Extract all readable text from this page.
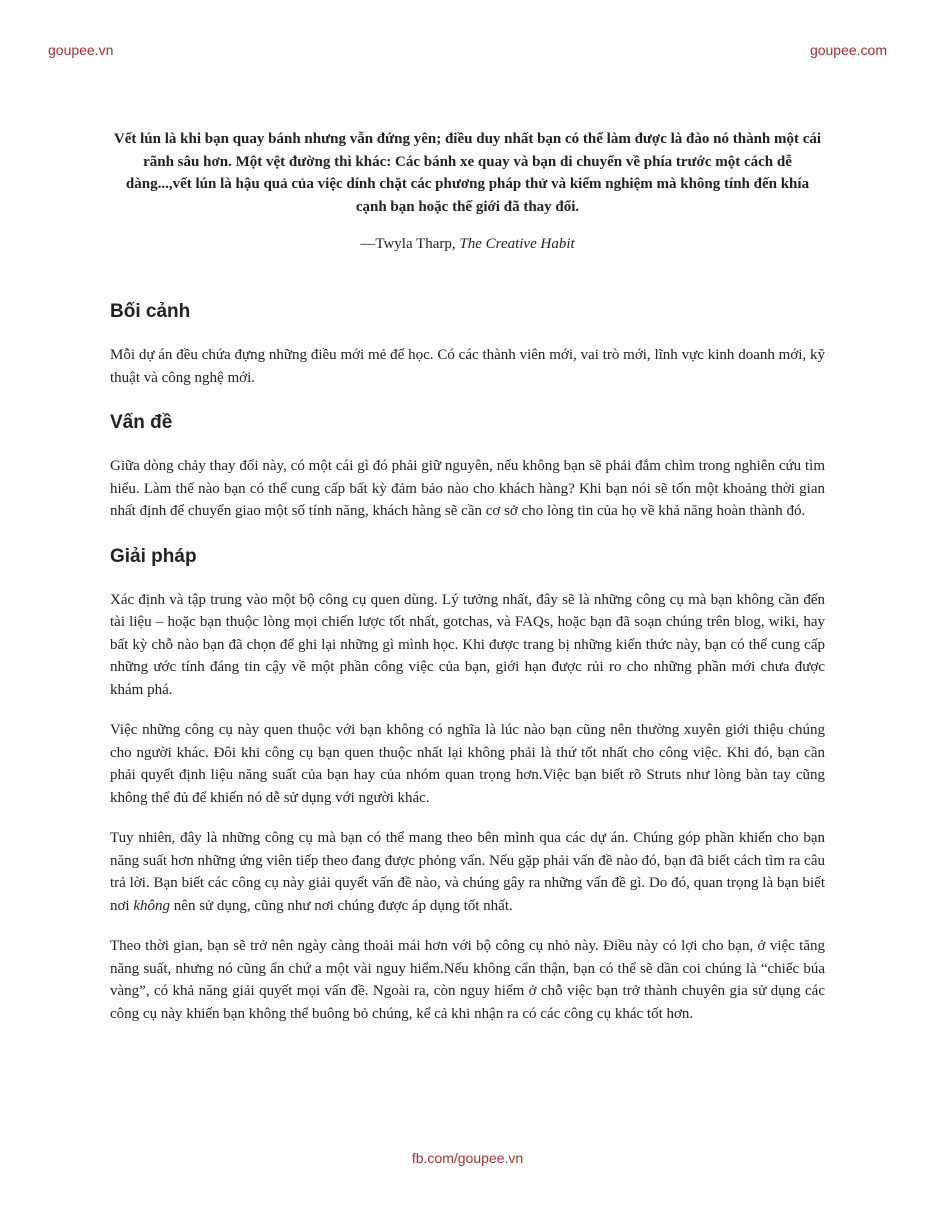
goupee.vn	goupee.com

Vết lún là khi bạn quay bánh nhưng vẫn đứng yên; điều duy nhất bạn có thể làm được là đào nó thành một cái rãnh sâu hơn. Một vệt đường thì khác: Các bánh xe quay và bạn di chuyển về phía trước một cách dễ dàng...,vết lún là hậu quả của việc dính chặt các phương pháp thử và kiểm nghiệm mà không tính đến khía cạnh bạn hoặc thế giới đã thay đổi.

—Twyla Tharp, The Creative Habit

Bối cảnh

Mỗi dự án đều chứa đựng những điều mới mẻ để học. Có các thành viên mới, vai trò mới, lĩnh vực kinh doanh mới, kỹ thuật và công nghệ mới.

Vấn đề

Giữa dòng chảy thay đổi này, có một cái gì đó phải giữ nguyên, nếu không bạn sẽ phải đắm chìm trong nghiên cứu tìm hiểu. Làm thế nào bạn có thể cung cấp bất kỳ đảm bảo nào cho khách hàng? Khi bạn nói sẽ tốn một khoảng thời gian nhất định để chuyển giao một số tính năng, khách hàng sẽ cần cơ sở cho lòng tin của họ về khả năng hoàn thành đó.

Giải pháp

Xác định và tập trung vào một bộ công cụ quen dùng. Lý tưởng nhất, đây sẽ là những công cụ mà bạn không cần đến tài liệu – hoặc bạn thuộc lòng mọi chiến lược tốt nhất, gotchas, và FAQs, hoặc bạn đã soạn chúng trên blog, wiki, hay bất kỳ chỗ nào bạn đã chọn để ghi lại những gì mình học. Khi được trang bị những kiến thức này, bạn có thể cung cấp những ước tính đáng tin cậy về một phần công việc của bạn, giới hạn được rủi ro cho những phần mới chưa được khám phá.

Việc những công cụ này quen thuộc với bạn không có nghĩa là lúc nào bạn cũng nên thường xuyên giới thiệu chúng cho người khác. Đôi khi công cụ bạn quen thuộc nhất lại không phải là thứ tốt nhất cho công việc. Khi đó, bạn cần phải quyết định liệu năng suất của bạn hay của nhóm quan trọng hơn.Việc bạn biết rõ Struts như lòng bàn tay cũng không thể đủ để khiến nó dễ sử dụng với người khác.

Tuy nhiên, đây là những công cụ mà bạn có thể mang theo bên mình qua các dự án. Chúng góp phần khiến cho bạn năng suất hơn những ứng viên tiếp theo đang được phỏng vấn. Nếu gặp phải vấn đề nào đó, bạn đã biết cách tìm ra câu trả lời. Bạn biết các công cụ này giải quyết vấn đề nào, và chúng gây ra những vấn đề gì. Do đó, quan trọng là bạn biết nơi không nên sử dụng, cũng như nơi chúng được áp dụng tốt nhất.

Theo thời gian, bạn sẽ trở nên ngày càng thoải mái hơn với bộ công cụ nhỏ này. Điều này có lợi cho bạn, ở việc tăng năng suất, nhưng nó cũng ẩn chứ a một vài nguy hiểm.Nếu không cẩn thận, bạn có thể sẽ dần coi chúng là “chiếc búa vàng”, có khả năng giải quyết mọi vấn đề. Ngoài ra, còn nguy hiểm ở chỗ việc bạn trở thành chuyên gia sử dụng các công cụ này khiến bạn không thể buông bỏ chúng, kể cả khi nhận ra có các công cụ khác tốt hơn.

fb.com/goupee.vn
